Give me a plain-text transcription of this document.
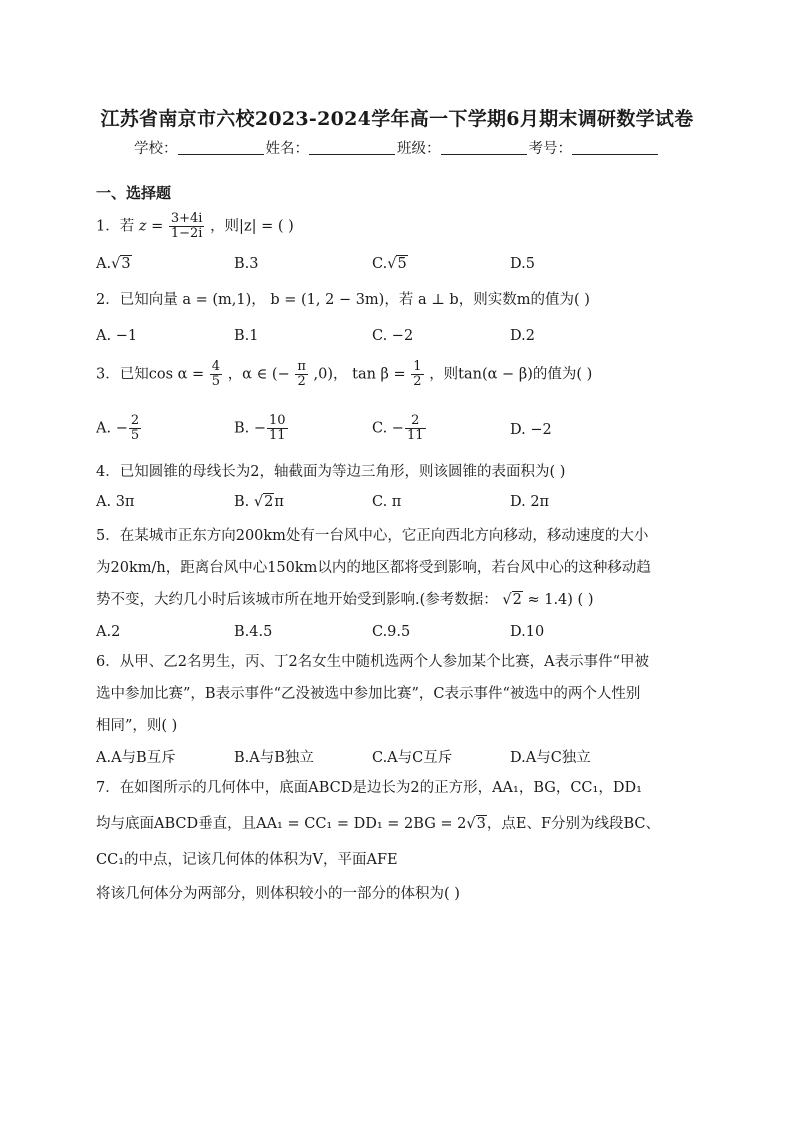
江苏省南京市六校2023-2024学年高一下学期6月期末调研数学试卷
学校：	姓名：	班级：	考号：
一、选择题
1．若 $z = \frac{3+4i}{1-2i}$ ，则|z| = ( )
A.√3	B.3	C.√5	D.5
2．已知向量 a = (m,1)， b = (1, 2 − 3m)，若 a ⊥ b，则实数m的值为( )
A. −1	B.1	C. −2	D.2
3．已知$\cos \alpha = \frac{4}{5}$ ，α ∈ (− $\frac{\pi}{2} ,0$)， $\tan \beta = \frac{1}{2}$ ，则tan(α − β)的值为( )
A. − $\frac{2}{5}$	B. − $\frac{10}{11}$	C. − $\frac{2}{11}$	D. −2
4．已知圆锥的母线长为2，轴截面为等边三角形，则该圆锥的表面积为( )
A. 3π	B. √2π	C. π	D. 2π
5．在某城市正东方向200km处有一台风中心，它正向西北方向移动，移动速度的大小
为20km/h，距离台风中心150km以内的地区都将受到影响，若台风中心的这种移动趋
势不变，大约几小时后该城市所在地开始受到影响.(参考数据： √2 ≈ 1.4) ( )
A.2	B.4.5	C.9.5	D.10
6．从甲、乙2名男生，丙、丁2名女生中随机选两个人参加某个比赛，A表示事件“甲被
选中参加比赛”，B表示事件“乙没被选中参加比赛”，C表示事件“被选中的两个人性别
相同”，则( )
A.A与B互斥	B.A与B独立	C.A与C互斥	D.A与C独立
7．在如图所示的几何体中，底面ABCD是边长为2的正方形，AA₁，BG，CC₁，DD₁
均与底面ABCD垂直，且AA₁ = CC₁ = DD₁ = 2BG = 2√3，点E、F分别为线段BC、
CC₁的中点，记该几何体的体积为V，平面AFE
将该几何体分为两部分，则体积较小的一部分的体积为( )
